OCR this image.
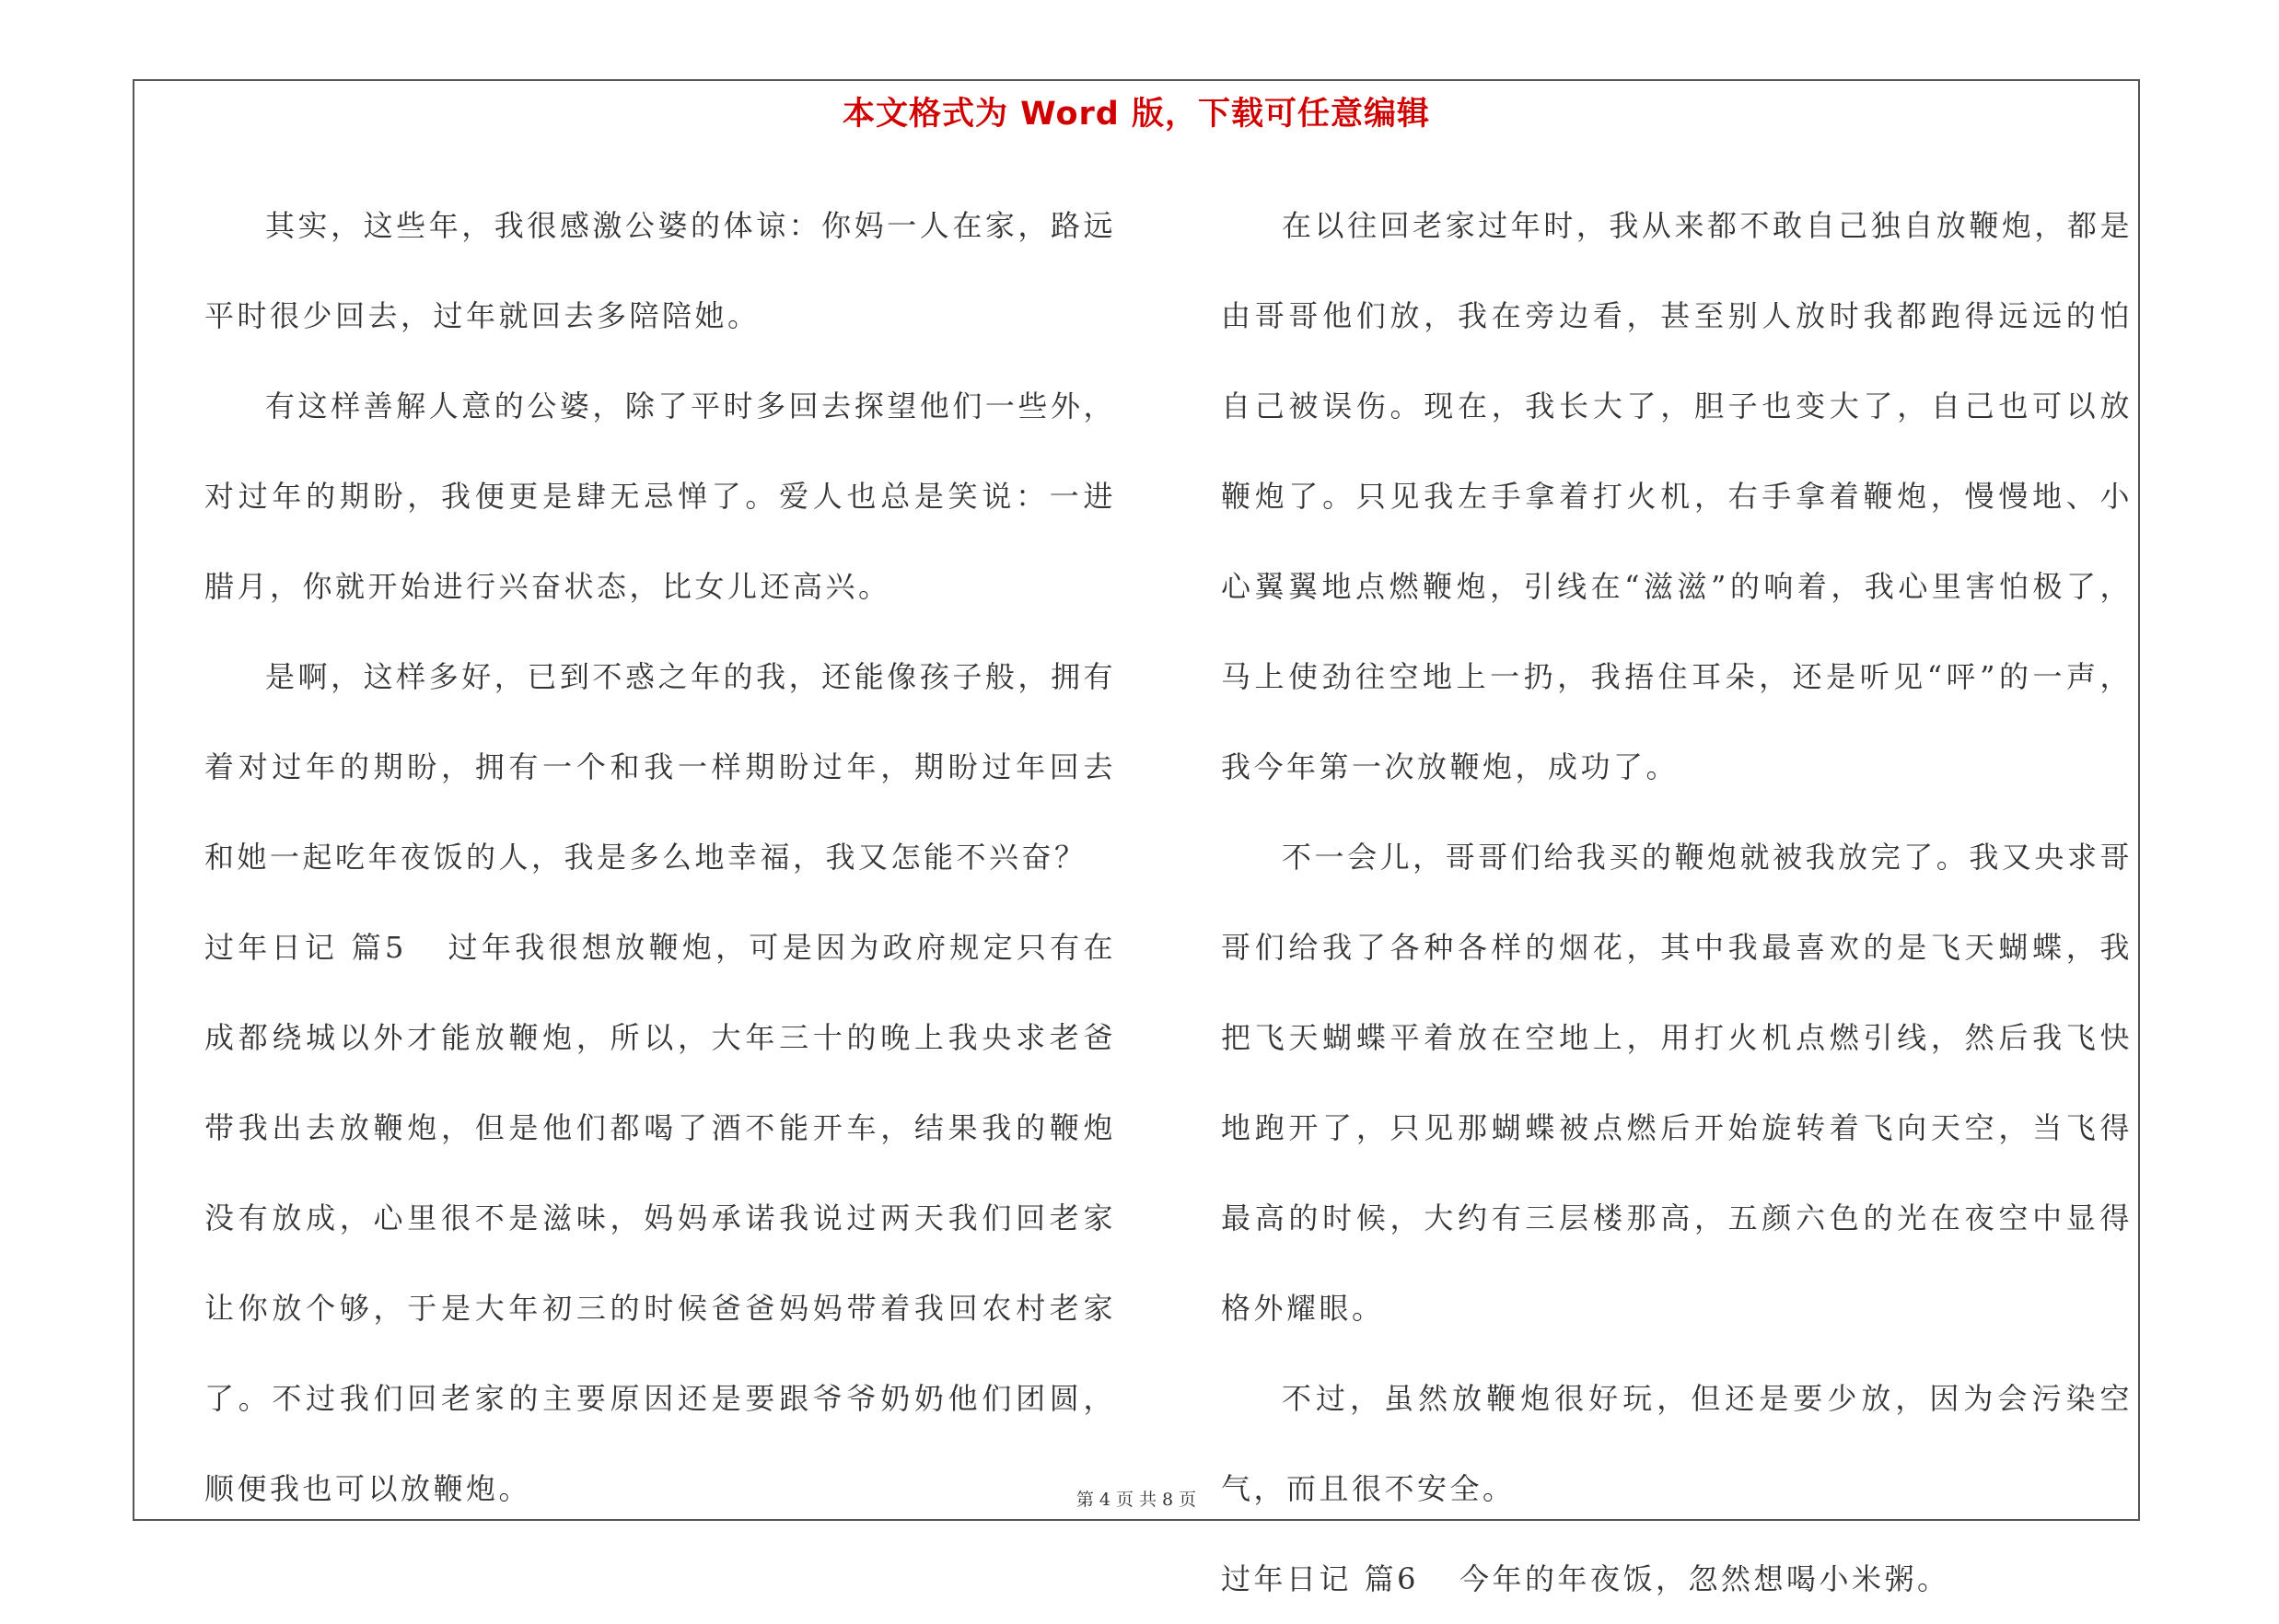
本文格式为 Word 版，下载可任意编辑

其实，这些年，我很感激公婆的体谅：你妈一人在家，路远平时很少回去，过年就回去多陪陪她。

有这样善解人意的公婆，除了平时多回去探望他们一些外，对过年的期盼，我便更是肆无忌惮了。爱人也总是笑说：一进腊月，你就开始进行兴奋状态，比女儿还高兴。

是啊，这样多好，已到不惑之年的我，还能像孩子般，拥有着对过年的期盼，拥有一个和我一样期盼过年，期盼过年回去和她一起吃年夜饭的人，我是多么地幸福，我又怎能不兴奋？

过年日记 篇5 过年我很想放鞭炮，可是因为政府规定只有在成都绕城以外才能放鞭炮，所以，大年三十的晚上我央求老爸带我出去放鞭炮，但是他们都喝了酒不能开车，结果我的鞭炮没有放成，心里很不是滋味，妈妈承诺我说过两天我们回老家让你放个够，于是大年初三的时候爸爸妈妈带着我回农村老家了。不过我们回老家的主要原因还是要跟爷爷奶奶他们团圆，顺便我也可以放鞭炮。

在以往回老家过年时，我从来都不敢自己独自放鞭炮，都是由哥哥他们放，我在旁边看，甚至别人放时我都跑得远远的怕自己被误伤。现在，我长大了，胆子也变大了，自己也可以放鞭炮了。只见我左手拿着打火机，右手拿着鞭炮，慢慢地、小心翼翼地点燃鞭炮，引线在“滋滋”的响着，我心里害怕极了，马上使劲往空地上一扔，我捂住耳朵，还是听见“呯”的一声，我今年第一次放鞭炮，成功了。

不一会儿，哥哥们给我买的鞭炮就被我放完了。我又央求哥哥们给我了各种各样的烟花，其中我最喜欢的是飞天蝴蝶，我把飞天蝴蝶平着放在空地上，用打火机点燃引线，然后我飞快地跑开了，只见那蝴蝶被点燃后开始旋转着飞向天空，当飞得最高的时候，大约有三层楼那高，五颜六色的光在夜空中显得格外耀眼。

不过，虽然放鞭炮很好玩，但还是要少放，因为会污染空气，而且很不安全。

过年日记 篇6 今年的年夜饭，忽然想喝小米粥。

第 4 页 共 8 页
